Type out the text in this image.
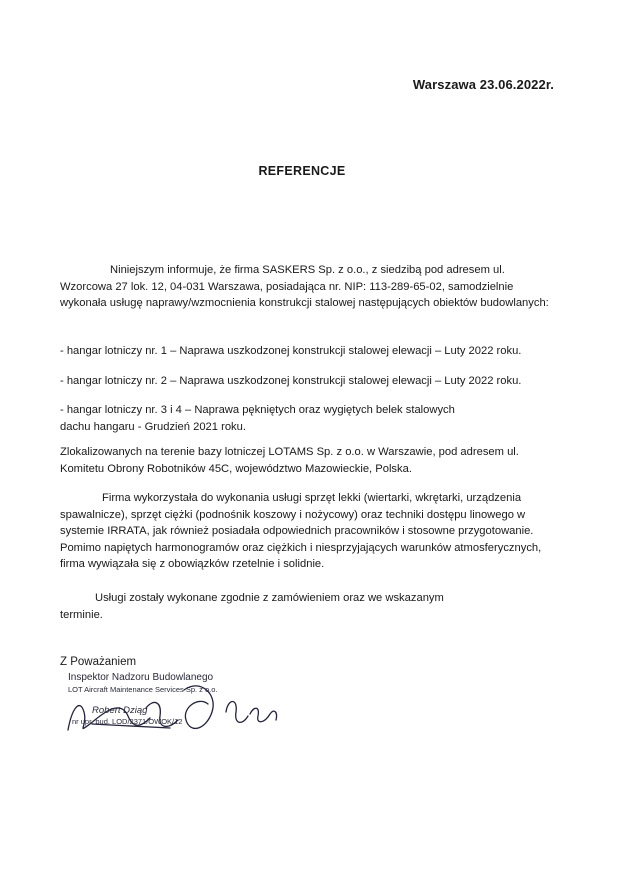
Warszawa 23.06.2022r.
REFERENCJE
Niniejszym informuje, że firma SASKERS Sp. z o.o., z siedzibą pod adresem ul. Wzorcowa 27 lok. 12, 04-031 Warszawa, posiadająca nr. NIP: 113-289-65-02, samodzielnie wykonała usługę naprawy/wzmocnienia konstrukcji stalowej następujących obiektów budowlanych:
- hangar lotniczy nr. 1 – Naprawa uszkodzonej konstrukcji stalowej elewacji – Luty 2022 roku.
- hangar lotniczy nr. 2 – Naprawa uszkodzonej konstrukcji stalowej elewacji – Luty 2022 roku.
- hangar lotniczy nr. 3 i 4 – Naprawa pękniętych oraz wygiętych belek stalowych dachu hangaru - Grudzień 2021 roku.
Zlokalizowanych na terenie bazy lotniczej LOTAMS Sp. z o.o. w Warszawie, pod adresem ul. Komitetu Obrony Robotników 45C, województwo Mazowieckie, Polska.
Firma wykorzystała do wykonania usługi sprzęt lekki (wiertarki, wkrętarki, urządzenia spawalnicze), sprzęt ciężki (podnośnik koszowy i nożycowy) oraz techniki dostępu linowego w systemie IRRATA, jak również posiadała odpowiednich pracowników i stosowne przygotowanie. Pomimo napiętych harmonogramów oraz ciężkich i niesprzyjających warunków atmosferycznych, firma wywiązała się z obowiązków rzetelnie i solidnie.
Usługi zostały wykonane zgodnie z zamówieniem oraz we wskazanym terminie.
Z Poważaniem
Inspektor Nadzoru Budowlanego
LOT Aircraft Maintenance Services Sp. z o.o.
Robert Dziąg
nr upr. bud. LOD/2371/OWOK/12
